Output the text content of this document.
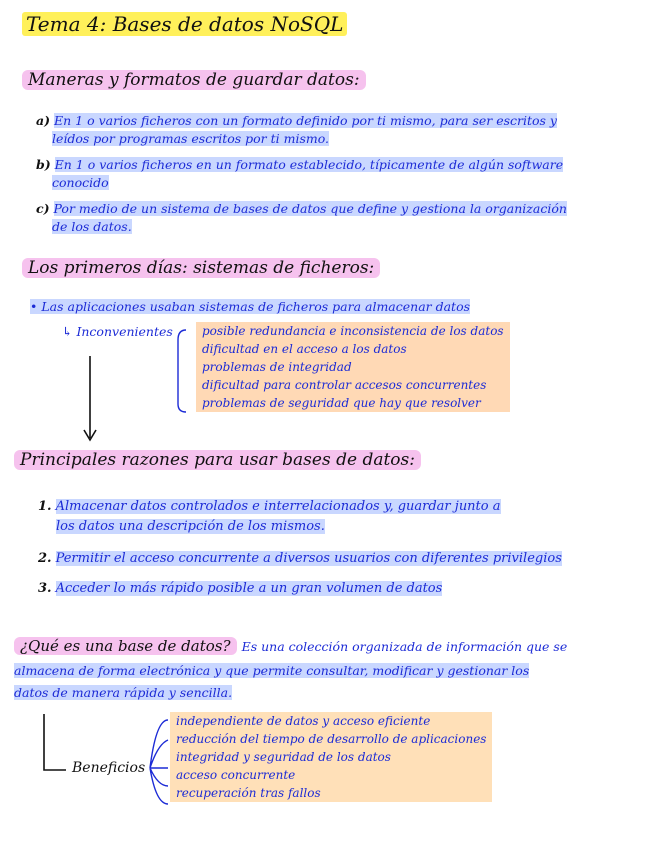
Tema 4: Bases de datos NoSQL
Maneras y formatos de guardar datos:
a) En 1 o varios ficheros con un formato definido por ti mismo, para ser escritos y
leídos por programas escritos por ti mismo.
b) En 1 o varios ficheros en un formato establecido, típicamente de algún software
conocido
c) Por medio de un sistema de bases de datos que define y gestiona la organización
de los datos.
Los primeros días: sistemas de ficheros:
• Las aplicaciones usaban sistemas de ficheros para almacenar datos
↳ Inconvenientes	posible redundancia e inconsistencia de los datos
dificultad en el acceso a los datos
problemas de integridad
dificultad para controlar accesos concurrentes
problemas de seguridad que hay que resolver
Principales razones para usar bases de datos:
1. Almacenar datos controlados e interrelacionados y, guardar junto a
los datos una descripción de los mismos.
2. Permitir el acceso concurrente a diversos usuarios con diferentes privilegios
3. Acceder lo más rápido posible a un gran volumen de datos
¿Qué es una base de datos? Es una colección organizada de información que se
almacena de forma electrónica y que permite consultar, modificar y gestionar los
datos de manera rápida y sencilla.
Beneficios
independiente de datos y acceso eficiente
reducción del tiempo de desarrollo de aplicaciones
integridad y seguridad de los datos
acceso concurrente
recuperación tras fallos
